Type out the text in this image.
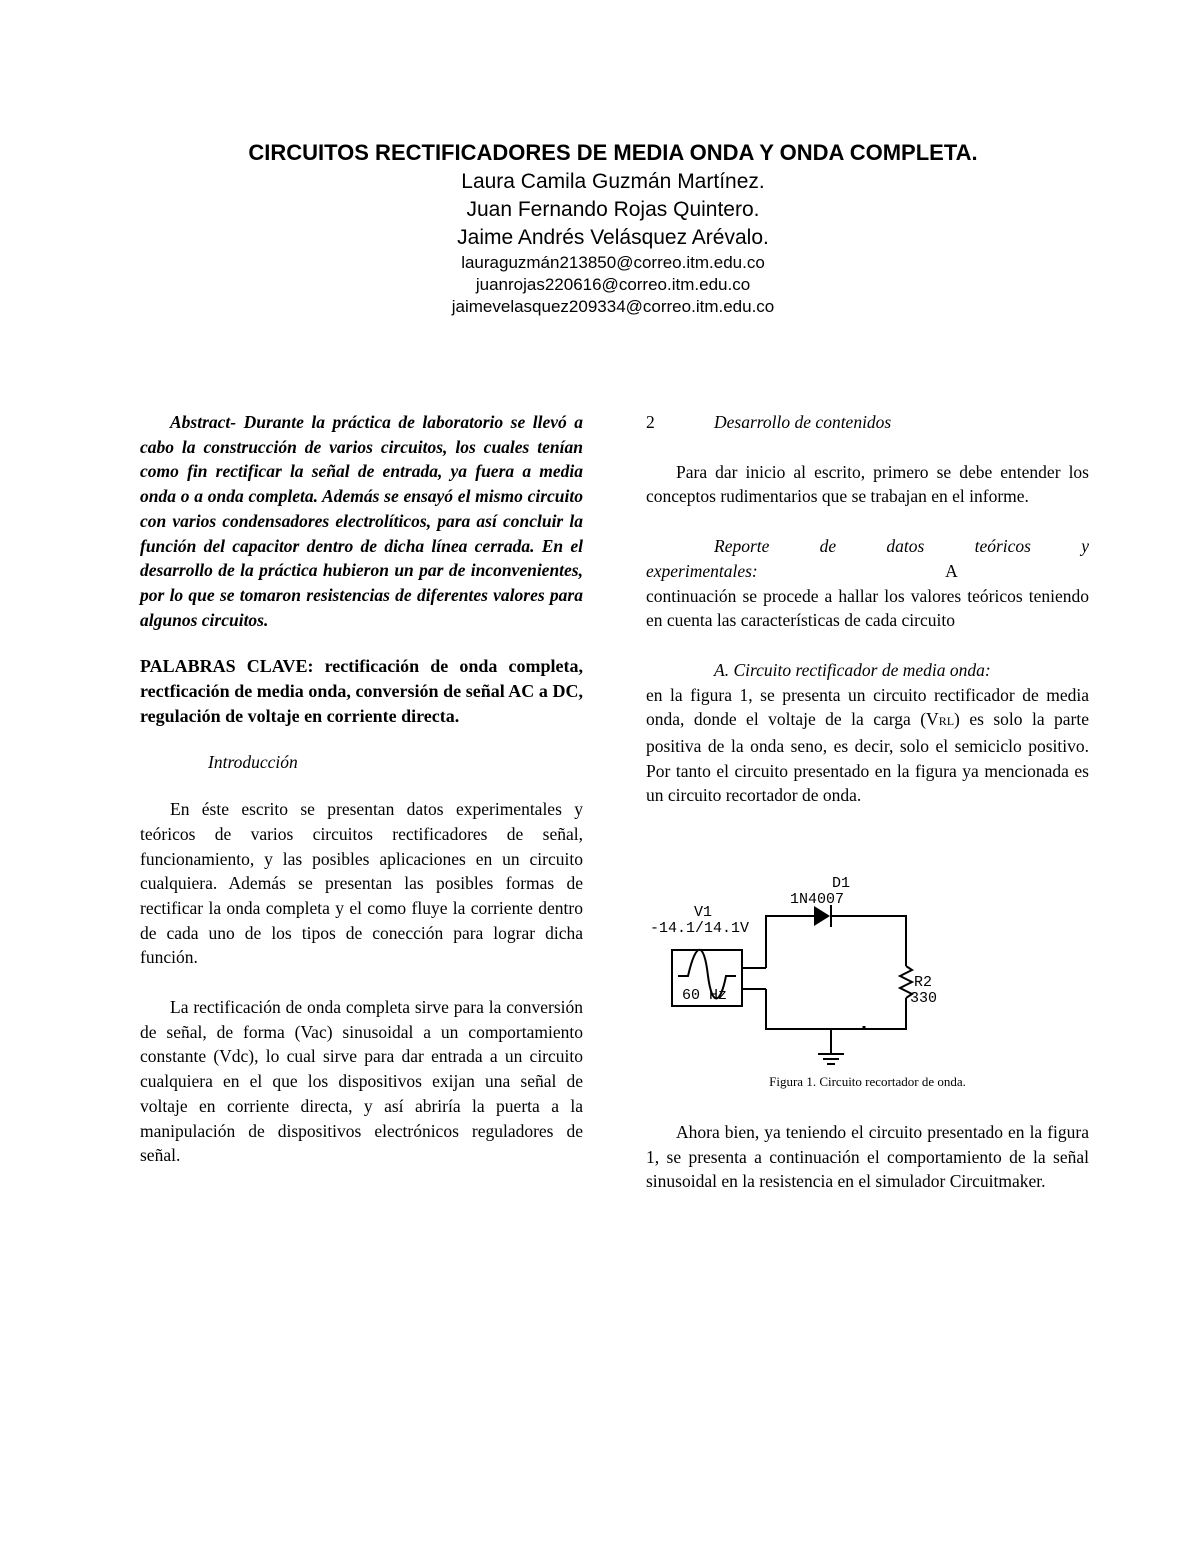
CIRCUITOS RECTIFICADORES DE MEDIA ONDA Y ONDA COMPLETA.
Laura Camila Guzmán Martínez.
Juan Fernando Rojas Quintero.
Jaime Andrés Velásquez Arévalo.
lauraguzmán213850@correo.itm.edu.co
juanrojas220616@correo.itm.edu.co
jaimevelasquez209334@correo.itm.edu.co

Abstract- Durante la práctica de laboratorio se llevó a cabo la construcción de varios circuitos, los cuales tenían como fin rectificar la señal de entrada, ya fuera a media onda o a onda completa. Además se ensayó el mismo circuito con varios condensadores electrolíticos, para así concluir la función del capacitor dentro de dicha línea cerrada. En el desarrollo de la práctica hubieron un par de inconvenientes, por lo que se tomaron resistencias de diferentes valores para algunos circuitos.

PALABRAS CLAVE: rectificación de onda completa, rectficación de media onda, conversión de señal AC a DC, regulación de voltaje en corriente directa.

Introducción

En éste escrito se presentan datos experimentales y teóricos de varios circuitos rectificadores de señal, funcionamiento, y las posibles aplicaciones en un circuito cualquiera. Además se presentan las posibles formas de rectificar la onda completa y el como fluye la corriente dentro de cada uno de los tipos de conección para lograr dicha función.

La rectificación de onda completa sirve para la conversión de señal, de forma (Vac) sinusoidal a un comportamiento constante (Vdc), lo cual sirve para dar entrada a un circuito cualquiera en el que los dispositivos exijan una señal de voltaje en corriente directa, y así abriría la puerta a la manipulación de dispositivos electrónicos reguladores de señal.

2	Desarrollo de contenidos

Para dar inicio al escrito, primero se debe entender los conceptos rudimentarios que se trabajan en el informe.

Reporte de datos teóricos y

experimentales:	A

continuación se procede a hallar los valores teóricos teniendo en cuenta las características de cada circuito

A. Circuito rectificador de media onda:

en la figura 1, se presenta un circuito rectificador de media onda, donde el voltaje de la carga (VRL) es solo la parte positiva de la onda seno, es decir, solo el semiciclo positivo. Por tanto el circuito presentado en la figura ya mencionada es un circuito recortador de onda.

D1
1N4007
V1
-14.1/14.1V
60 Hz
R2
330

Figura 1. Circuito recortador de onda.

Ahora bien, ya teniendo el circuito presentado en la figura 1, se presenta a continuación el comportamiento de la señal sinusoidal en la resistencia en el simulador Circuitmaker.
